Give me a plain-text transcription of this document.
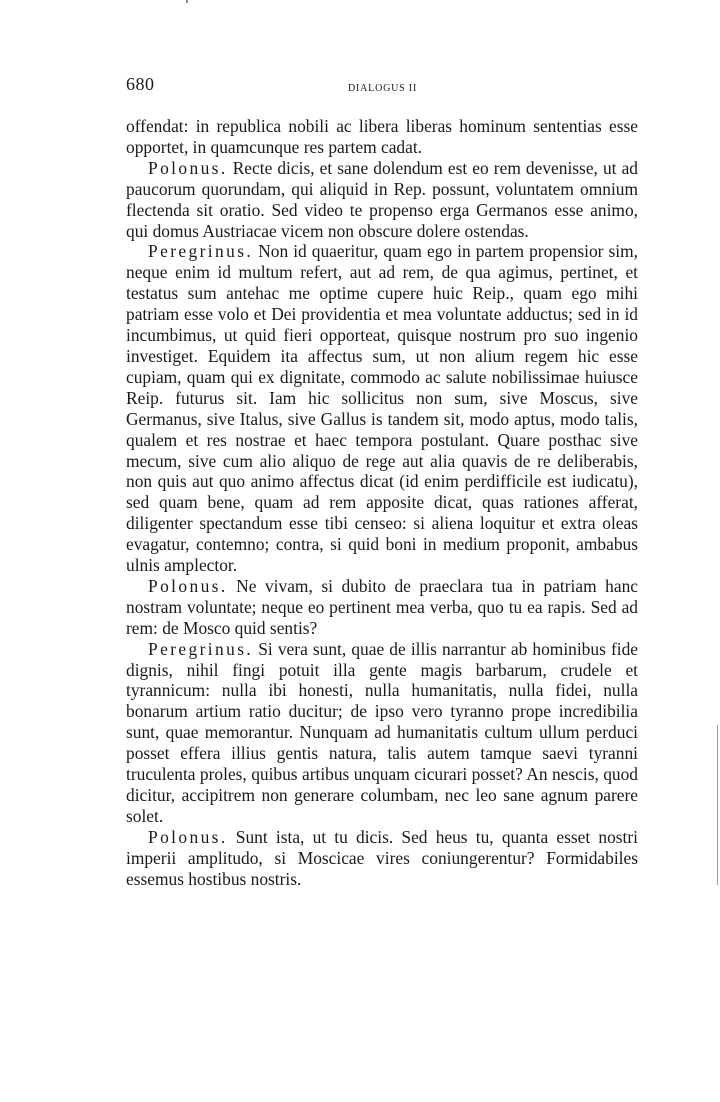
680	DIALOGUS II

offendat: in republica nobili ac libera liberas hominum sententias esse opportet, in quamcunque res partem cadat.

Polonus. Recte dicis, et sane dolendum est eo rem devenisse, ut ad paucorum quorundam, qui aliquid in Rep. possunt, voluntatem omnium flectenda sit oratio. Sed video te propenso erga Germanos esse animo, qui domus Austriacae vicem non obscure dolere ostendas.

Peregrinus. Non id quaeritur, quam ego in partem propensior sim, neque enim id multum refert, aut ad rem, de qua agimus, pertinet, et testatus sum antehac me optime cupere huic Reip., quam ego mihi patriam esse volo et Dei providentia et mea voluntate adductus; sed in id incumbimus, ut quid fieri opporteat, quisque nostrum pro suo ingenio investiget. Equidem ita affectus sum, ut non alium regem hic esse cupiam, quam qui ex dignitate, commodo ac salute nobilissimae huiusce Reip. futurus sit. Iam hic sollicitus non sum, sive Moscus, sive Germanus, sive Italus, sive Gallus is tandem sit, modo aptus, modo talis, qualem et res nostrae et haec tempora postulant. Quare posthac sive mecum, sive cum alio aliquo de rege aut alia quavis de re deliberabis, non quis aut quo animo affectus dicat (id enim perdifficile est iudicatu), sed quam bene, quam ad rem apposite dicat, quas rationes afferat, diligenter spectandum esse tibi censeo: si aliena loquitur et extra oleas evagatur, contemno; contra, si quid boni in medium proponit, ambabus ulnis amplector.

Polonus. Ne vivam, si dubito de praeclara tua in patriam hanc nostram voluntate; neque eo pertinent mea verba, quo tu ea rapis. Sed ad rem: de Mosco quid sentis?

Peregrinus. Si vera sunt, quae de illis narrantur ab hominibus fide dignis, nihil fingi potuit illa gente magis barbarum, crudele et tyrannicum: nulla ibi honesti, nulla humanitatis, nulla fidei, nulla bonarum artium ratio ducitur; de ipso vero tyranno prope incredibilia sunt, quae memorantur. Nunquam ad humanitatis cultum ullum perduci posset effera illius gentis natura, talis autem tamque saevi tyranni truculenta proles, quibus artibus unquam cicurari posset? An nescis, quod dicitur, accipitrem non generare columbam, nec leo sane agnum parere solet.

Polonus. Sunt ista, ut tu dicis. Sed heus tu, quanta esset nostri imperii amplitudo, si Moscicae vires coniungerentur? Formidabiles essemus hostibus nostris.
